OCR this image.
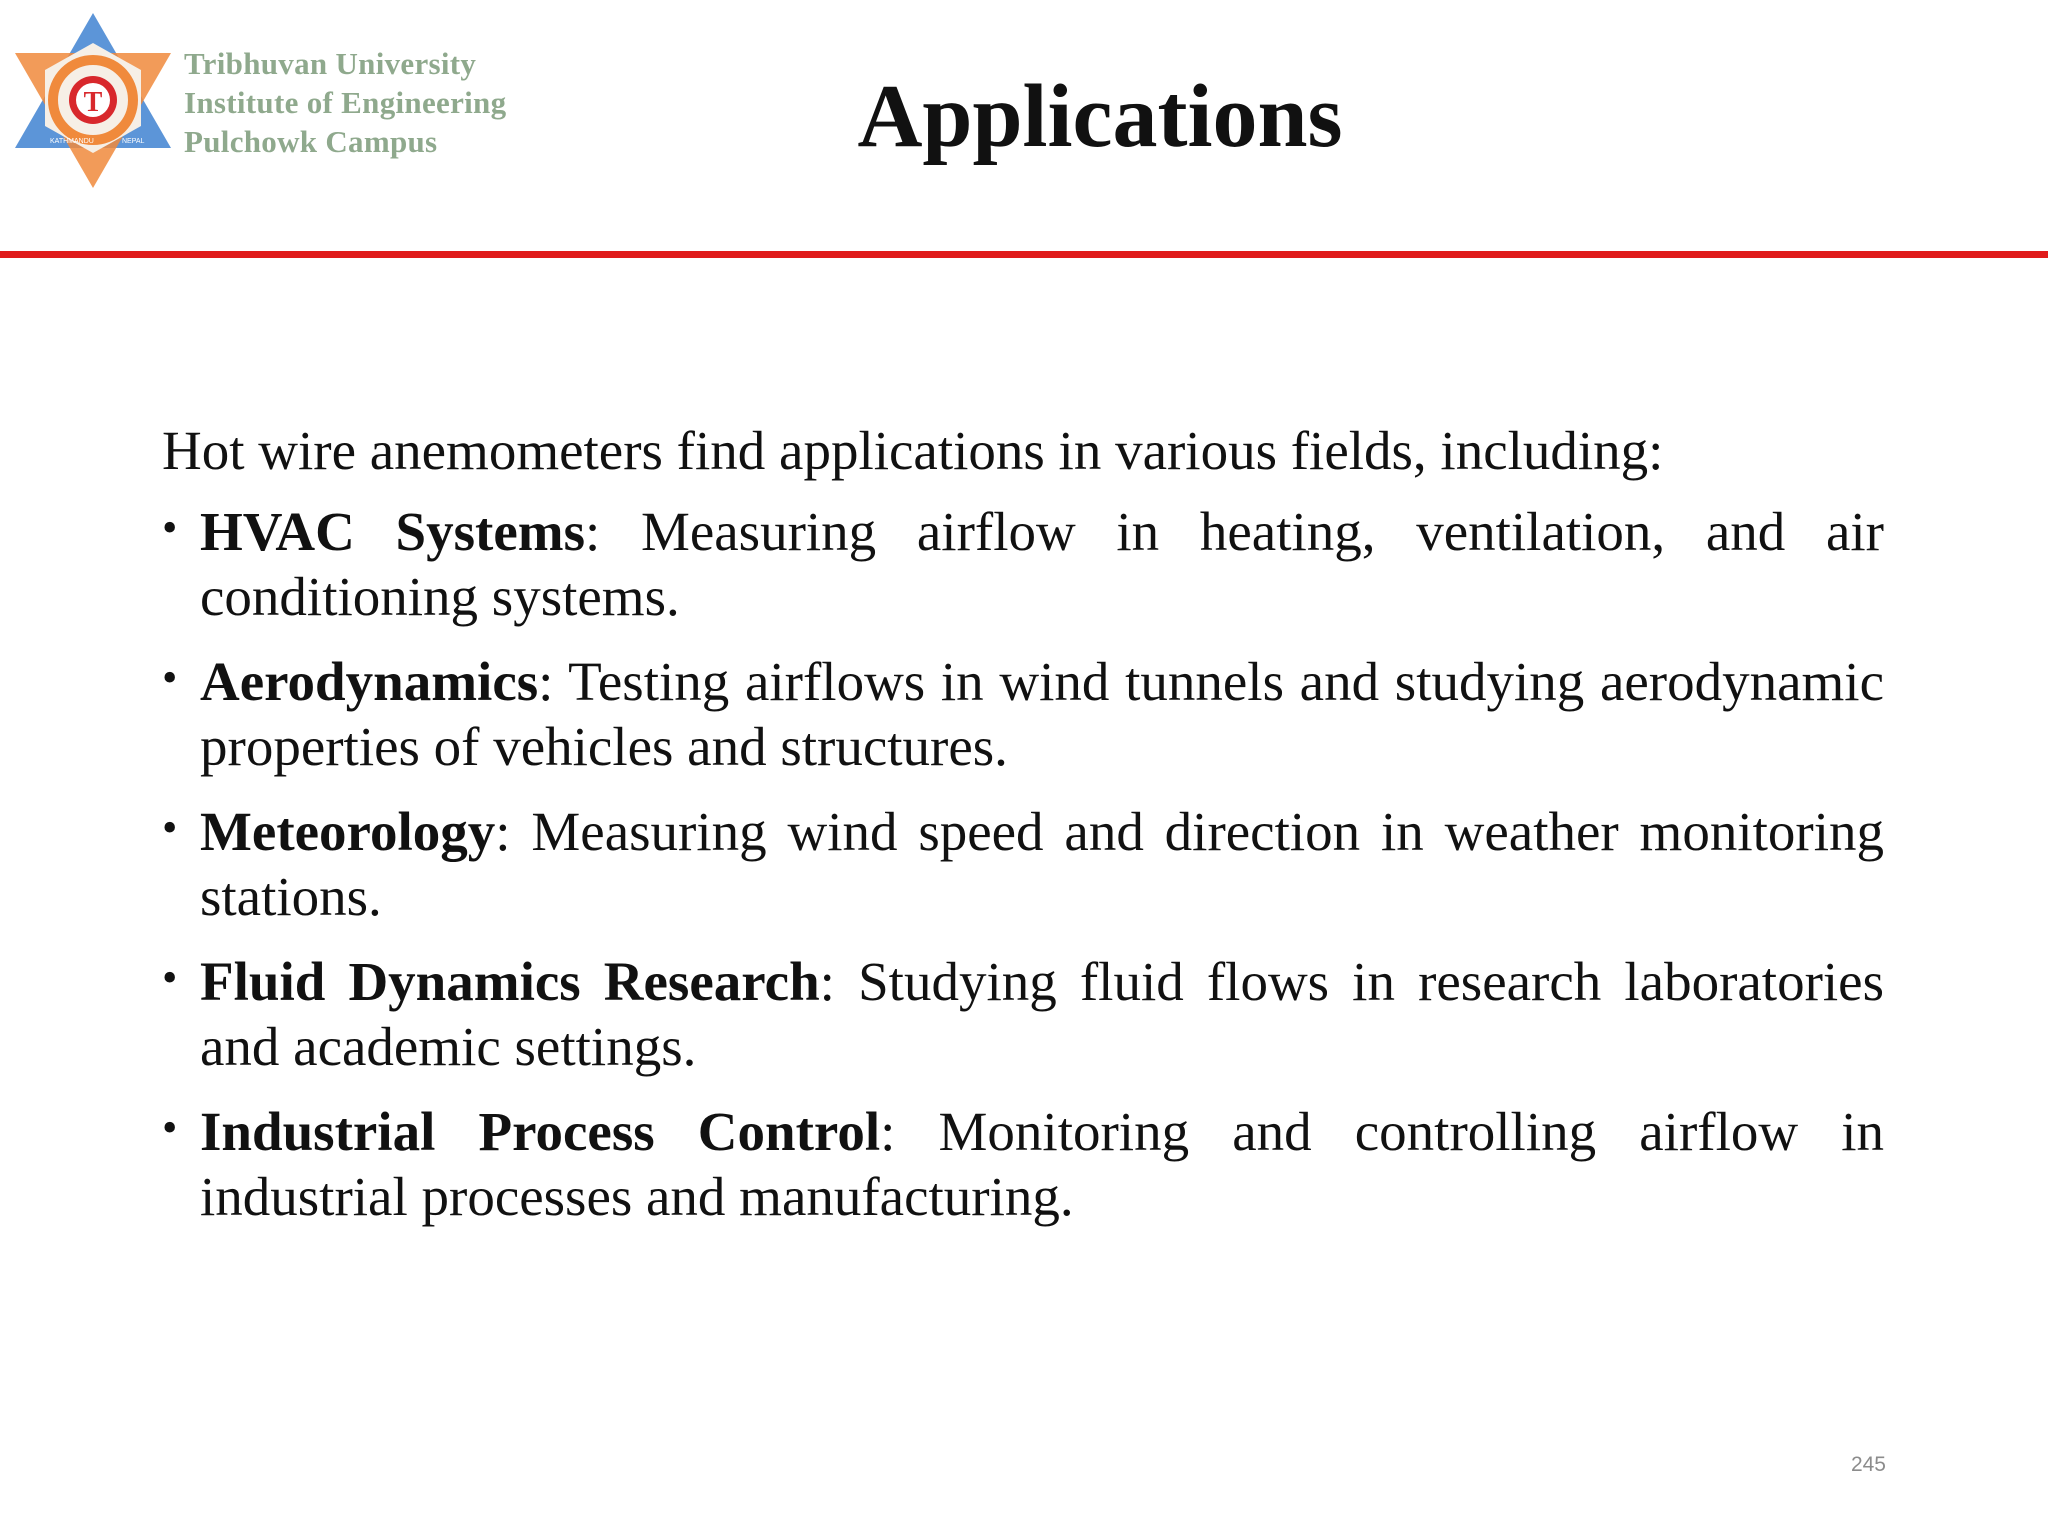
T
KATHMANDU	NEPAL
Tribhuvan University
Institute of Engineering
Pulchowk Campus	Applications

Hot wire anemometers find applications in various fields, including:

• HVAC Systems: Measuring airflow in heating, ventilation, and air conditioning systems.
• Aerodynamics: Testing airflows in wind tunnels and studying aerodynamic properties of vehicles and structures.
• Meteorology: Measuring wind speed and direction in weather monitoring stations.
• Fluid Dynamics Research: Studying fluid flows in research laboratories and academic settings.
• Industrial Process Control: Monitoring and controlling airflow in industrial processes and manufacturing.
245
